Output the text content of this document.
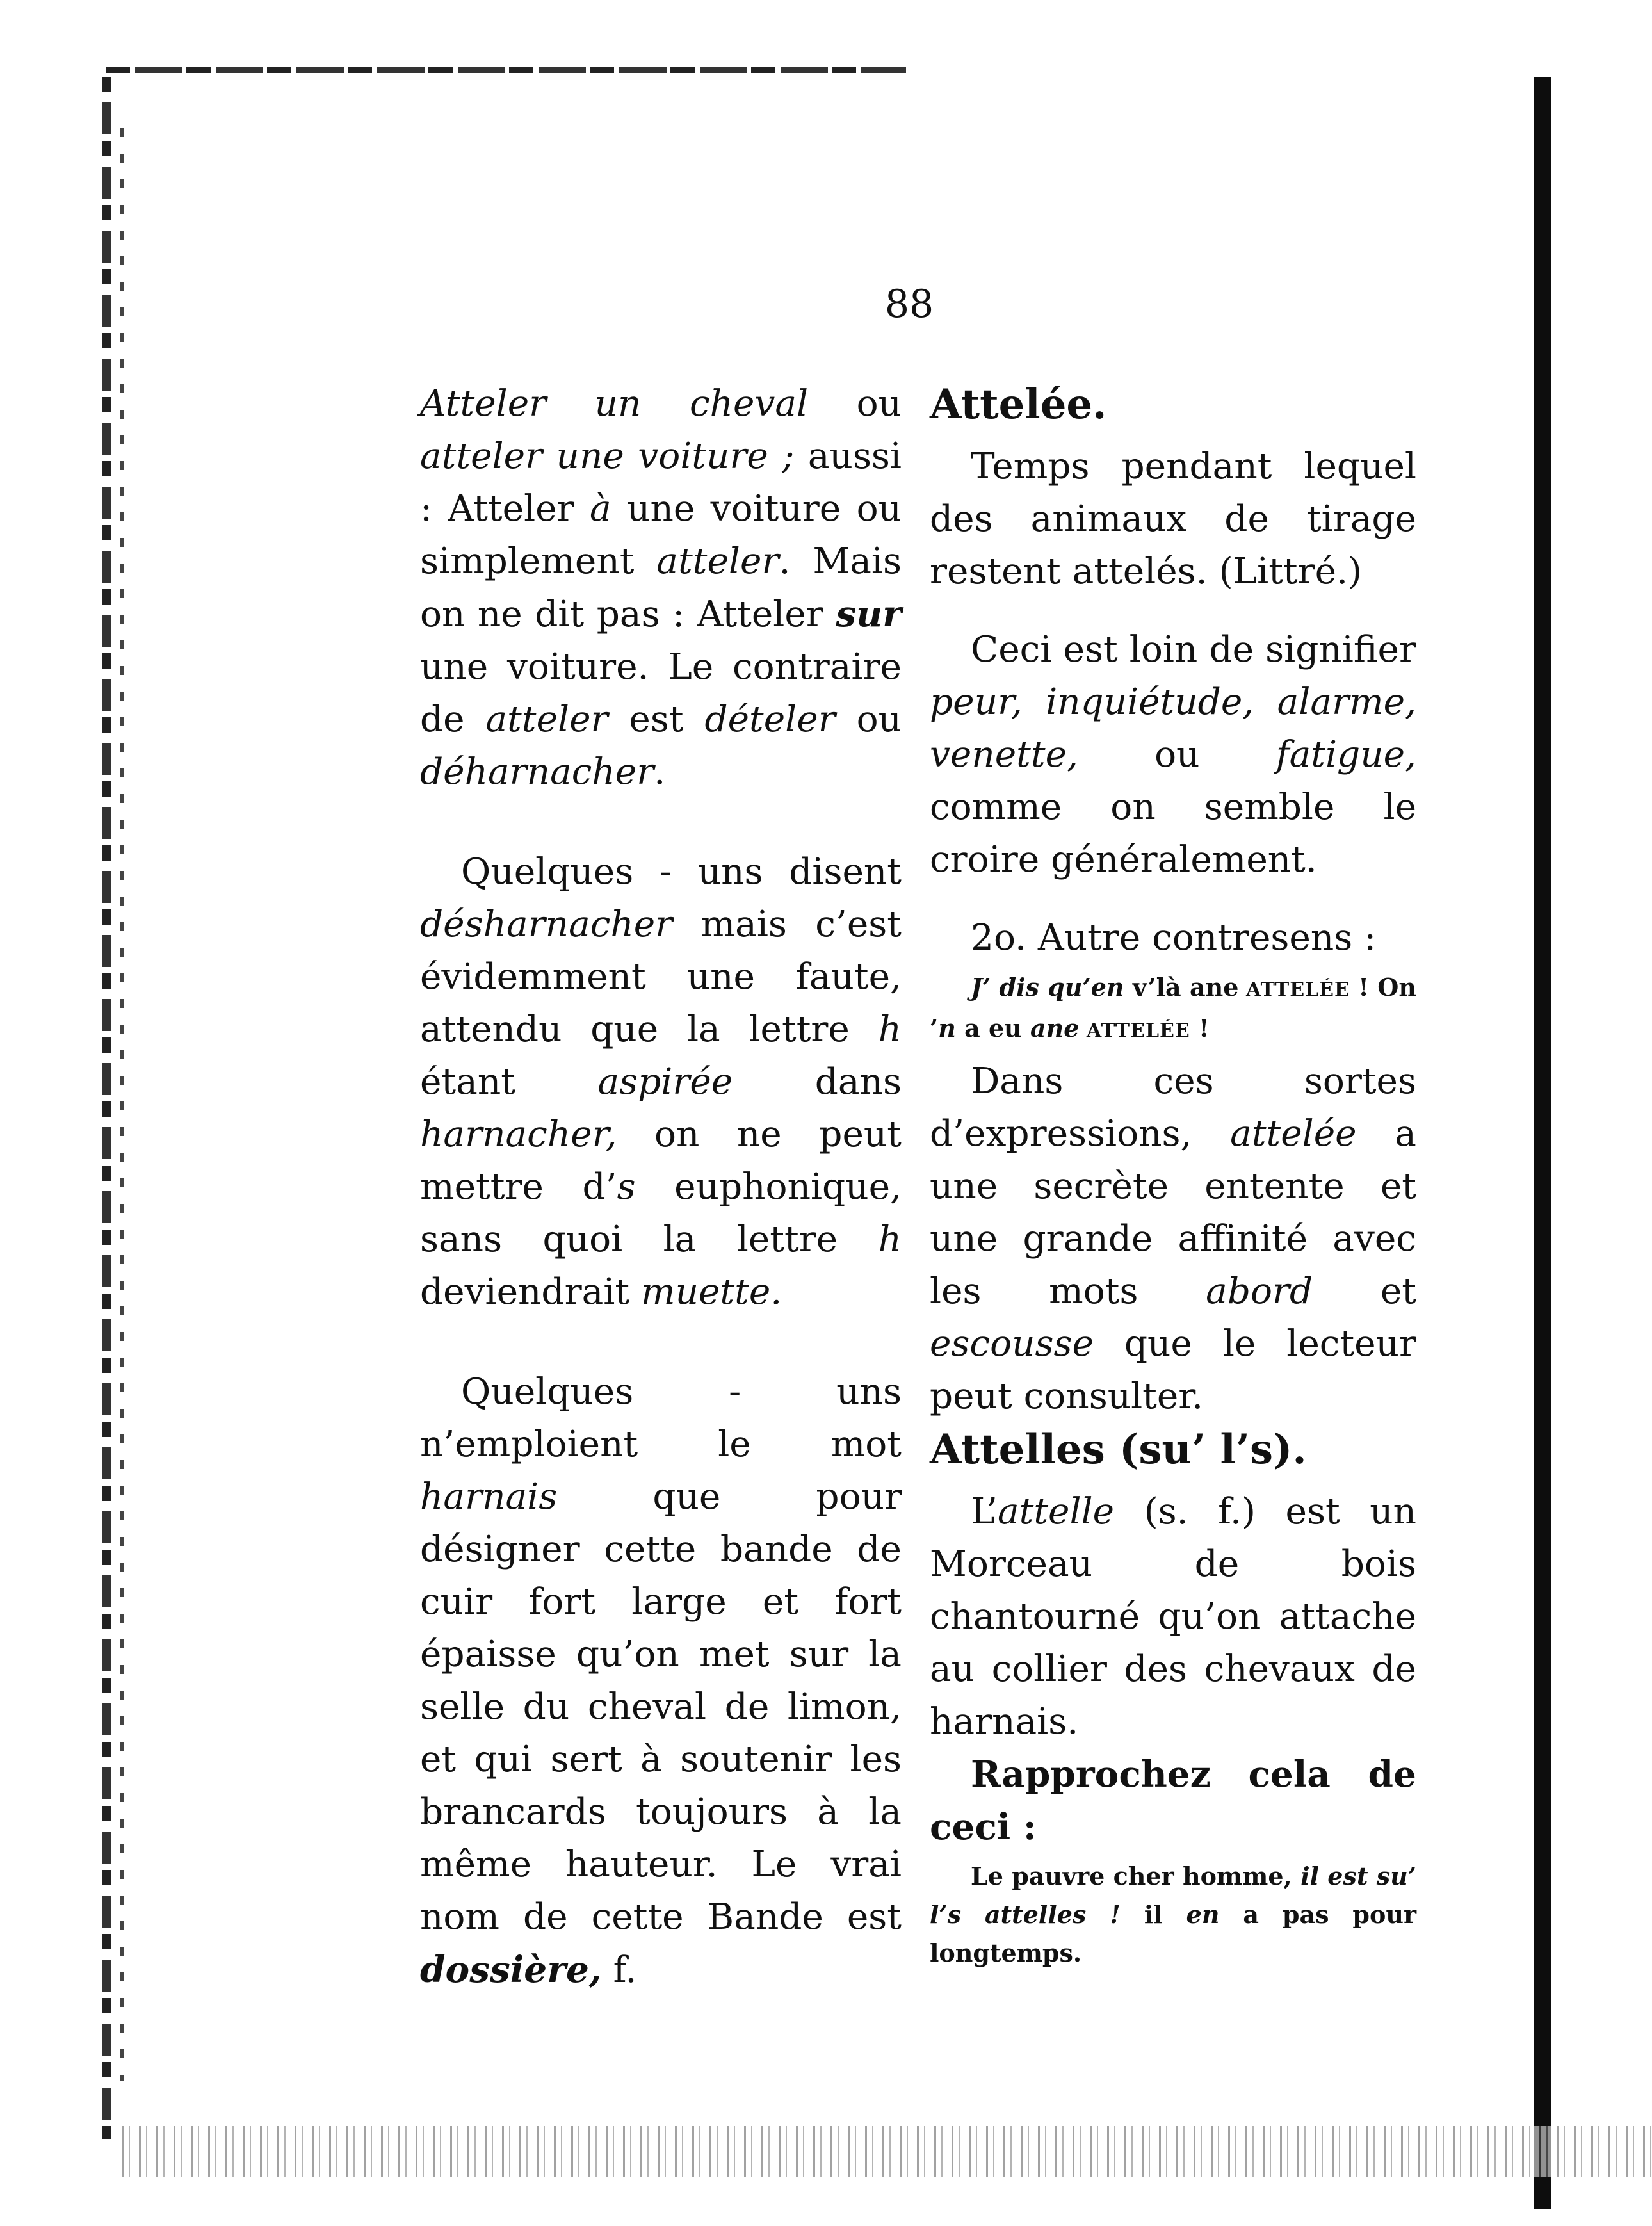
88

Atteler un cheval ou atteler une voiture ; aussi : Atteler à une voiture ou simplement atteler. Mais on ne dit pas : Atteler sur une voiture. Le contraire de atteler est dételer ou déharnacher.

Quelques - uns disent désharnacher mais c’est évidemment une faute, attendu que la lettre h étant aspirée dans harnacher, on ne peut mettre d’s euphonique, sans quoi la lettre h deviendrait muette.

Quelques - uns n’emploient le mot harnais que pour désigner cette bande de cuir fort large et fort épaisse qu’on met sur la selle du cheval de limon, et qui sert à soutenir les brancards toujours à la même hauteur. Le vrai nom de cette Bande est dossière, f.

Attelée.

Temps pendant lequel des animaux de tirage restent attelés. (Littré.)

Ceci est loin de signifier peur, inquiétude, alarme, venette, ou fatigue, comme on semble le croire généralement.

2o. Autre contresens :

J’ dis qu’en v’là ane ATTELÉE ! On ’n a eu ane ATTELÉE !

Dans ces sortes d’expressions, attelée a une secrète entente et une grande affinité avec les mots abord et escousse que le lecteur peut consulter.

Attelles (su’ l’s).

L’attelle (s. f.) est un Morceau de bois chantourné qu’on attache au collier des chevaux de harnais.

Rapprochez cela de ceci :

Le pauvre cher homme, il est su’ l’s attelles ! il en a pas pour longtemps.
